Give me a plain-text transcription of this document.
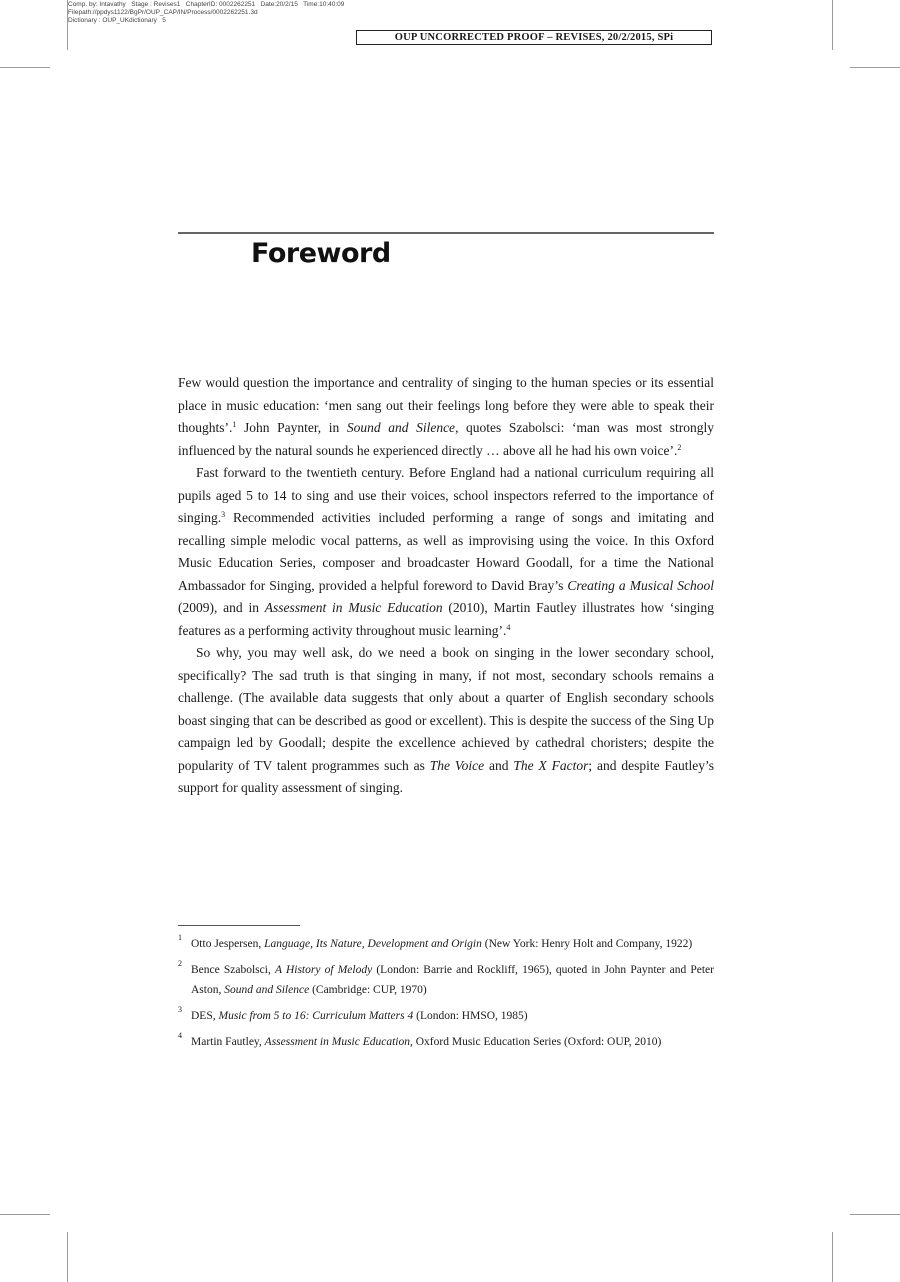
Comp. by: Intavathy   Stage : Revises1   ChapterID: 0002262251   Date:20/2/15   Time:10:40:09
Filepath://ppdys1122/BgPr/OUP_CAP/IN/Process/0002262251.3d
Dictionary : OUP_UKdictionary   5
OUP UNCORRECTED PROOF – REVISES, 20/2/2015, SPi
Foreword

Few would question the importance and centrality of singing to the human species or its essential place in music education: ‘men sang out their feelings long before they were able to speak their thoughts’.$^1$ John Paynter, in Sound and Silence, quotes Szabolsci: ‘man was most strongly influenced by the natural sounds he experienced directly … above all he had his own voice’.$^2$

Fast forward to the twentieth century. Before England had a national curriculum requiring all pupils aged 5 to 14 to sing and use their voices, school inspectors referred to the importance of singing.$^3$ Recommended activities included performing a range of songs and imitating and recalling simple melodic vocal patterns, as well as improvising using the voice. In this Oxford Music Education Series, composer and broadcaster Howard Goodall, for a time the National Ambassador for Singing, provided a helpful foreword to David Bray’s Creating a Musical School (2009), and in Assessment in Music Education (2010), Martin Fautley illustrates how ‘singing features as a performing activity throughout music learning’.$^4$

So why, you may well ask, do we need a book on singing in the lower secondary school, specifically? The sad truth is that singing in many, if not most, secondary schools remains a challenge. (The available data suggests that only about a quarter of English secondary schools boast singing that can be described as good or excellent). This is despite the success of the Sing Up campaign led by Goodall; despite the excellence achieved by cathedral choristers; despite the popularity of TV talent programmes such as The Voice and The X Factor; and despite Fautley’s support for quality assessment of singing.

1
Otto Jespersen, Language, Its Nature, Development and Origin (New York: Henry Holt and Company, 1922)
2
Bence Szabolsci, A History of Melody (London: Barrie and Rockliff, 1965), quoted in John Paynter and Peter Aston, Sound and Silence (Cambridge: CUP, 1970)
3
DES, Music from 5 to 16: Curriculum Matters 4 (London: HMSO, 1985)
4
Martin Fautley, Assessment in Music Education, Oxford Music Education Series (Oxford: OUP, 2010)
